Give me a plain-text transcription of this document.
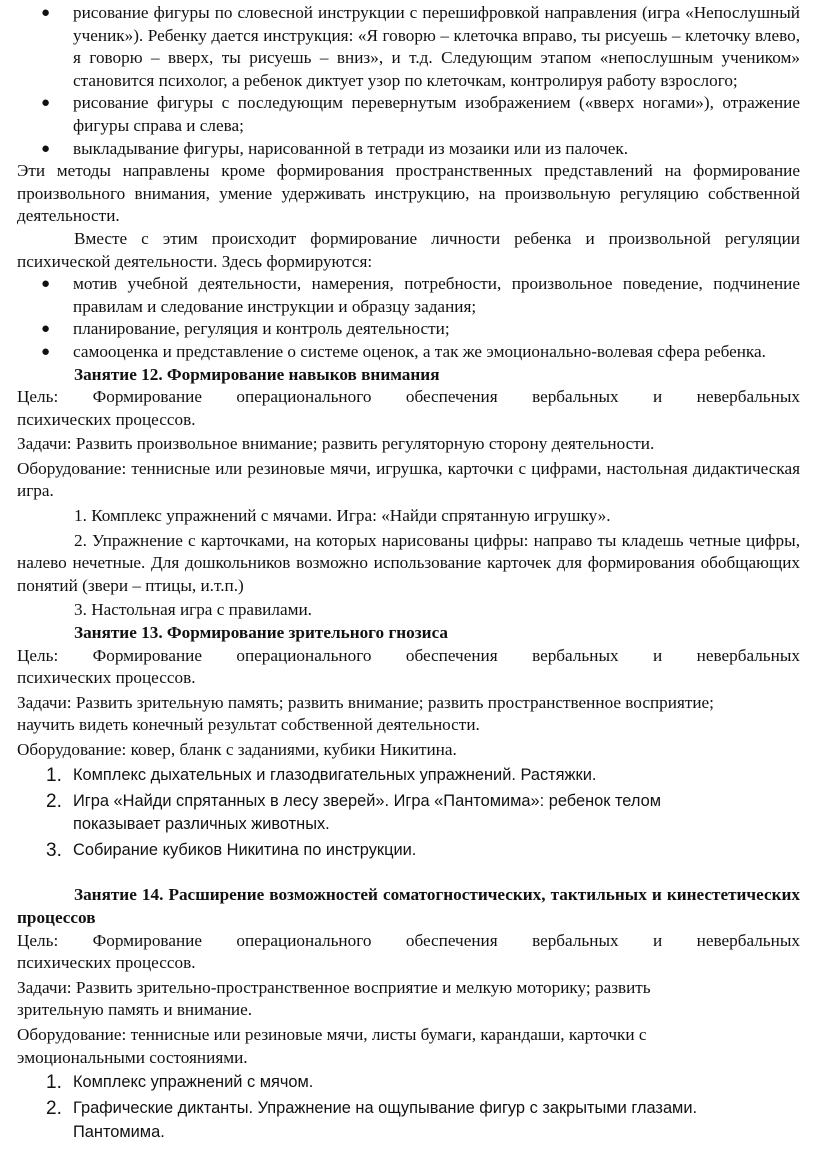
● рисование фигуры по словесной инструкции с перешифровкой направления (игра «Непослушный ученик»). Ребенку дается инструкция: «Я говорю – клеточка вправо, ты рисуешь – клеточку влево, я говорю – вверх, ты рисуешь – вниз», и т.д. Следующим этапом «непослушным учеником» становится психолог, а ребенок диктует узор по клеточкам, контролируя работу взрослого;
● рисование фигуры с последующим перевернутым изображением («вверх ногами»), отражение фигуры справа и слева;
● выкладывание фигуры, нарисованной в тетради из мозаики или из палочек.

Эти методы направлены кроме формирования пространственных представлений на формирование произвольного внимания, умение удерживать инструкцию, на произвольную регуляцию собственной деятельности.

Вместе с этим происходит формирование личности ребенка и произвольной регуляции психической деятельности. Здесь формируются:

● мотив учебной деятельности, намерения, потребности, произвольное поведение, подчинение правилам и следование инструкции и образцу задания;
● планирование, регуляция и контроль деятельности;
● самооценка и представление о системе оценок, а так же эмоционально-волевая сфера ребенка.

Занятие 12. Формирование навыков внимания

Цель: Формирование операционального обеспечения вербальных и невербальных

психических процессов.

Задачи: Развить произвольное внимание; развить регуляторную сторону деятельности.

Оборудование: теннисные или резиновые мячи, игрушка, карточки с цифрами, настольная дидактическая игра.

1. Комплекс упражнений с мячами. Игра: «Найди спрятанную игрушку».

2. Упражнение с карточками, на которых нарисованы цифры: направо ты кладешь четные цифры, налево нечетные. Для дошкольников возможно использование карточек для формирования обобщающих понятий (звери – птицы, и.т.п.)

3. Настольная игра с правилами.

Занятие 13. Формирование зрительного гнозиса

Цель: Формирование операционального обеспечения вербальных и невербальных

психических процессов.

Задачи: Развить зрительную память; развить внимание; развить пространственное восприятие;
научить видеть конечный результат собственной деятельности.

Оборудование: ковер, бланк с заданиями, кубики Никитина.

1. Комплекс дыхательных и глазодвигательных упражнений. Растяжки.
2. Игра «Найди спрятанных в лесу зверей». Игра «Пантомима»: ребенок телом
показывает различных животных.
3. Собирание кубиков Никитина по инструкции.

Занятие 14. Расширение возможностей соматогностических, тактильных и кинестетических процессов

Цель: Формирование операционального обеспечения вербальных и невербальных

психических процессов.

Задачи: Развить зрительно-пространственное восприятие и мелкую моторику; развить
зрительную память и внимание.

Оборудование: теннисные или резиновые мячи, листы бумаги, карандаши, карточки с
эмоциональными состояниями.

1. Комплекс упражнений с мячом.
2. Графические диктанты. Упражнение на ощупывание фигур с закрытыми глазами.
Пантомима.
